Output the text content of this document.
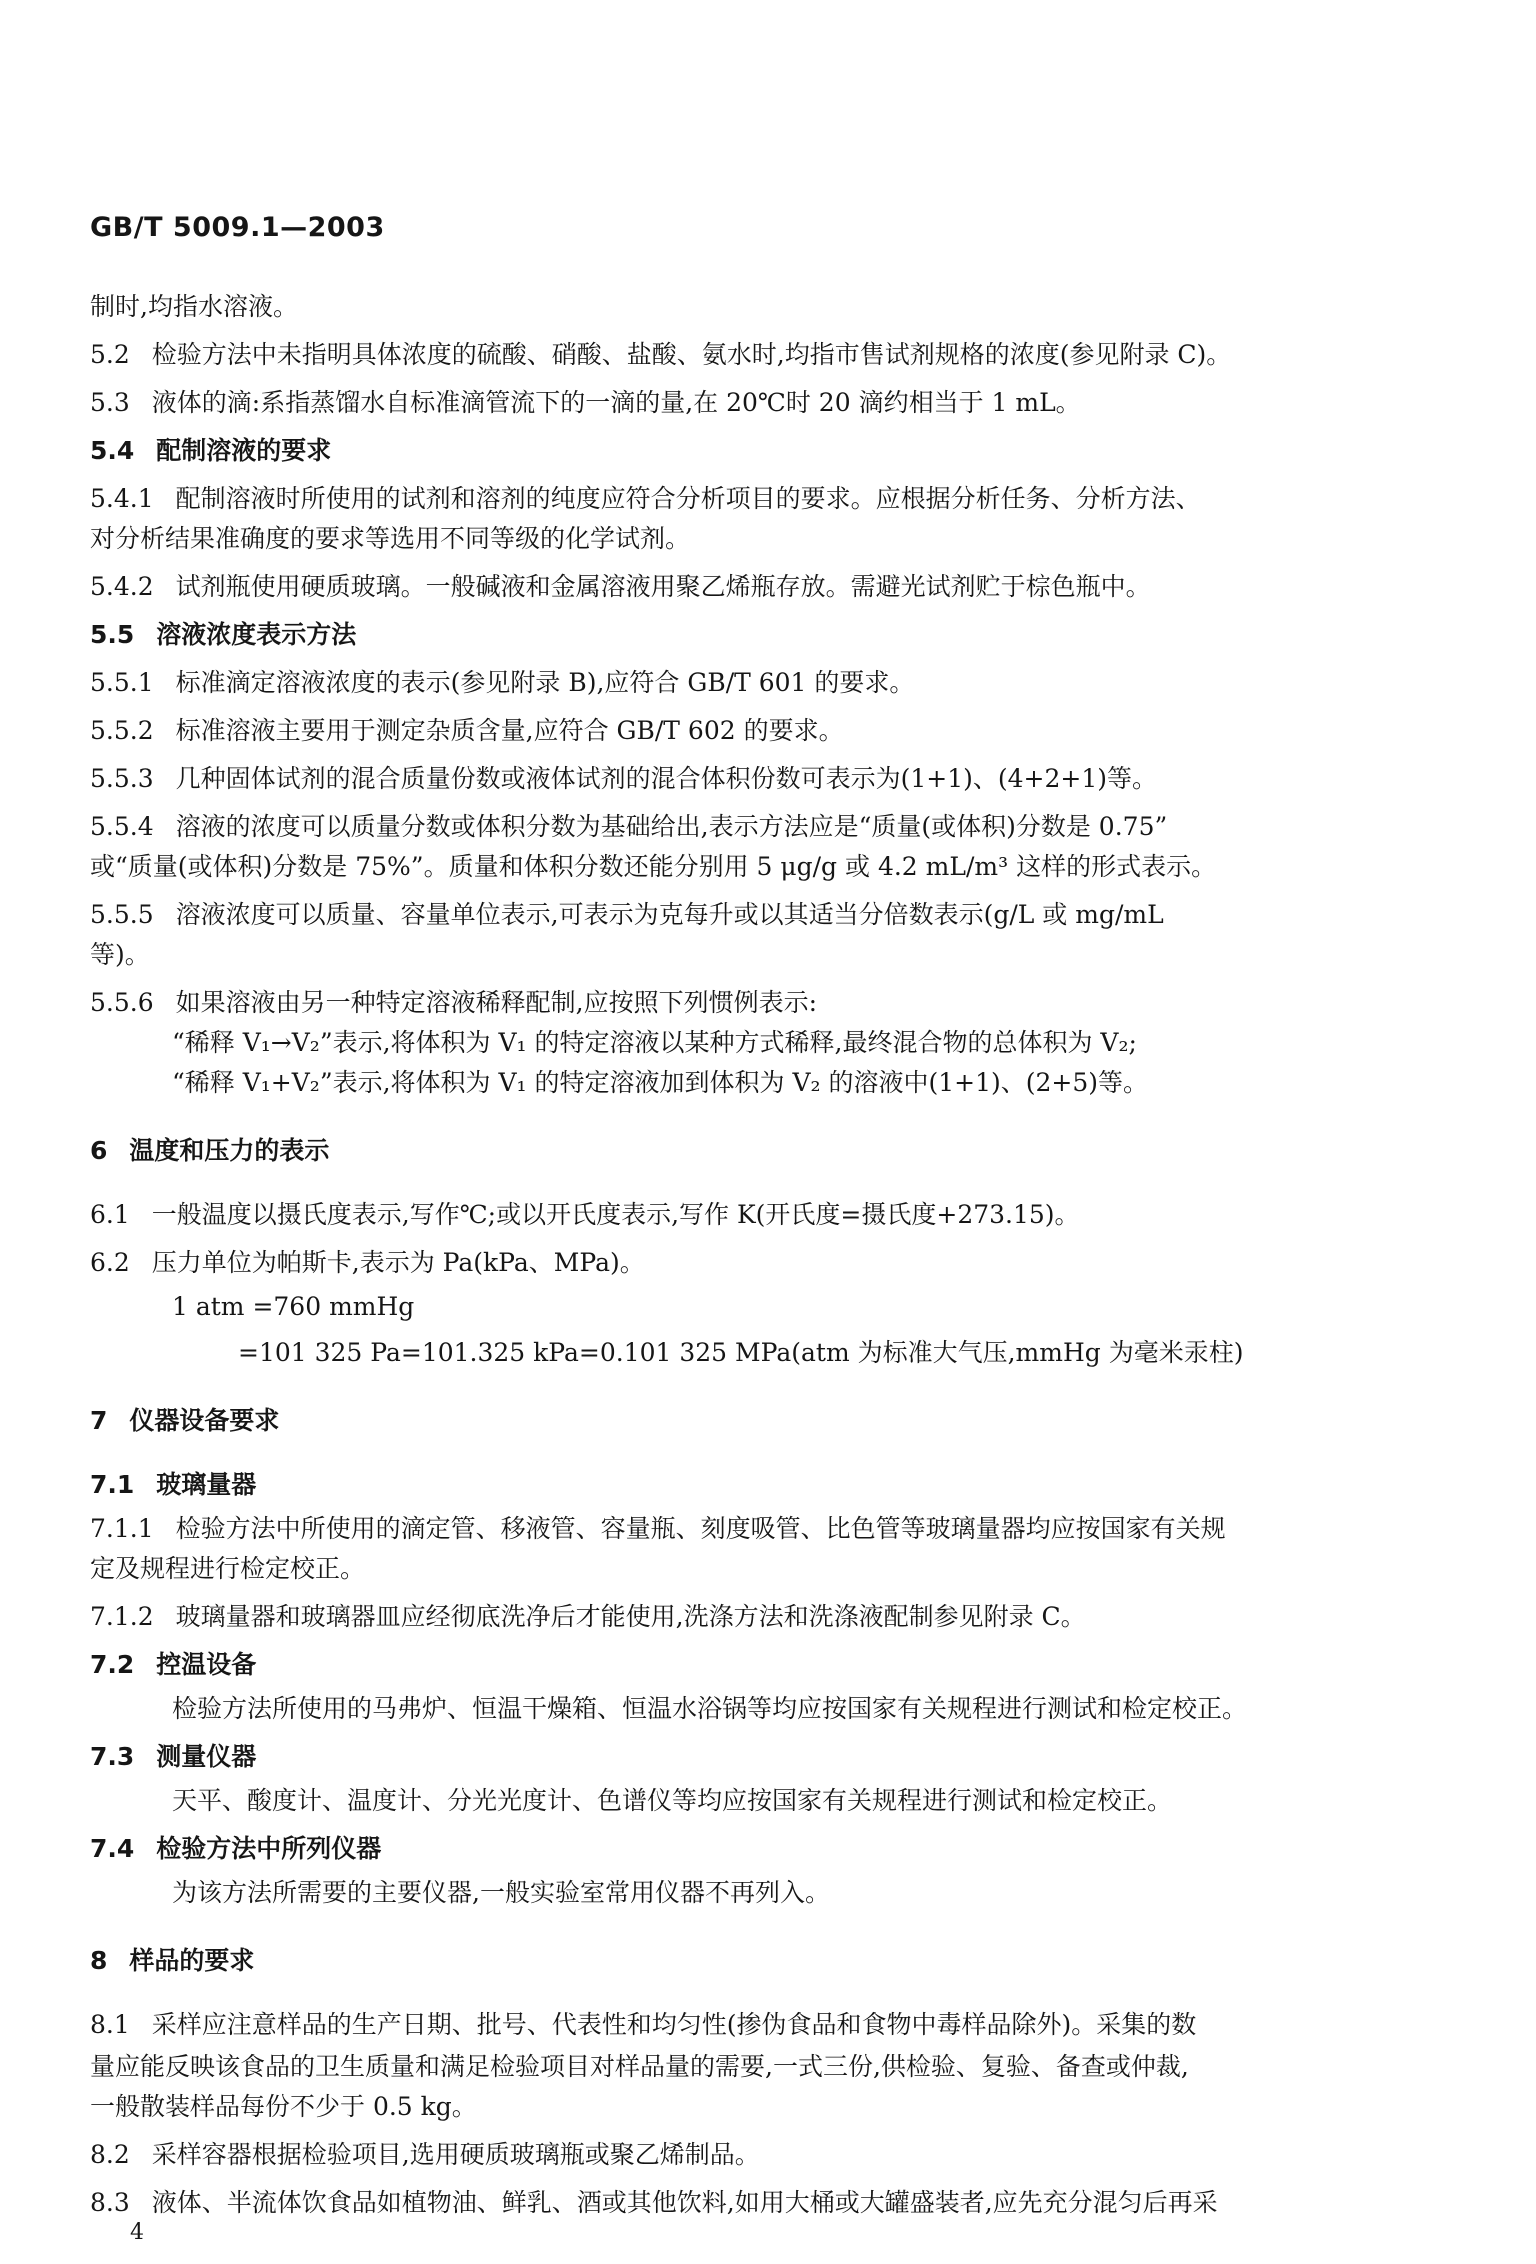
GB/T 5009.1—2003
制时,均指水溶液。
5.2 检验方法中未指明具体浓度的硫酸、硝酸、盐酸、氨水时,均指市售试剂规格的浓度(参见附录 C)。
5.3 液体的滴:系指蒸馏水自标准滴管流下的一滴的量,在 20℃时 20 滴约相当于 1 mL。
5.4 配制溶液的要求
5.4.1 配制溶液时所使用的试剂和溶剂的纯度应符合分析项目的要求。应根据分析任务、分析方法、
对分析结果准确度的要求等选用不同等级的化学试剂。
5.4.2 试剂瓶使用硬质玻璃。一般碱液和金属溶液用聚乙烯瓶存放。需避光试剂贮于棕色瓶中。
5.5 溶液浓度表示方法
5.5.1 标准滴定溶液浓度的表示(参见附录 B),应符合 GB/T 601 的要求。
5.5.2 标准溶液主要用于测定杂质含量,应符合 GB/T 602 的要求。
5.5.3 几种固体试剂的混合质量份数或液体试剂的混合体积份数可表示为(1+1)、(4+2+1)等。
5.5.4 溶液的浓度可以质量分数或体积分数为基础给出,表示方法应是“质量(或体积)分数是 0.75”
或“质量(或体积)分数是 75%”。质量和体积分数还能分别用 5 μg/g 或 4.2 mL/m³ 这样的形式表示。
5.5.5 溶液浓度可以质量、容量单位表示,可表示为克每升或以其适当分倍数表示(g/L 或 mg/mL
等)。
5.5.6 如果溶液由另一种特定溶液稀释配制,应按照下列惯例表示:
“稀释 V₁→V₂”表示,将体积为 V₁ 的特定溶液以某种方式稀释,最终混合物的总体积为 V₂;
“稀释 V₁+V₂”表示,将体积为 V₁ 的特定溶液加到体积为 V₂ 的溶液中(1+1)、(2+5)等。
6 温度和压力的表示
6.1 一般温度以摄氏度表示,写作℃;或以开氏度表示,写作 K(开氏度=摄氏度+273.15)。
6.2 压力单位为帕斯卡,表示为 Pa(kPa、MPa)。
1 atm =760 mmHg
=101 325 Pa=101.325 kPa=0.101 325 MPa(atm 为标准大气压,mmHg 为毫米汞柱)
7 仪器设备要求
7.1 玻璃量器
7.1.1 检验方法中所使用的滴定管、移液管、容量瓶、刻度吸管、比色管等玻璃量器均应按国家有关规
定及规程进行检定校正。
7.1.2 玻璃量器和玻璃器皿应经彻底洗净后才能使用,洗涤方法和洗涤液配制参见附录 C。
7.2 控温设备
检验方法所使用的马弗炉、恒温干燥箱、恒温水浴锅等均应按国家有关规程进行测试和检定校正。
7.3 测量仪器
天平、酸度计、温度计、分光光度计、色谱仪等均应按国家有关规程进行测试和检定校正。
7.4 检验方法中所列仪器
为该方法所需要的主要仪器,一般实验室常用仪器不再列入。
8 样品的要求
8.1 采样应注意样品的生产日期、批号、代表性和均匀性(掺伪食品和食物中毒样品除外)。采集的数
量应能反映该食品的卫生质量和满足检验项目对样品量的需要,一式三份,供检验、复验、备查或仲裁,
一般散装样品每份不少于 0.5 kg。
8.2 采样容器根据检验项目,选用硬质玻璃瓶或聚乙烯制品。
8.3 液体、半流体饮食品如植物油、鲜乳、酒或其他饮料,如用大桶或大罐盛装者,应先充分混匀后再采
4
